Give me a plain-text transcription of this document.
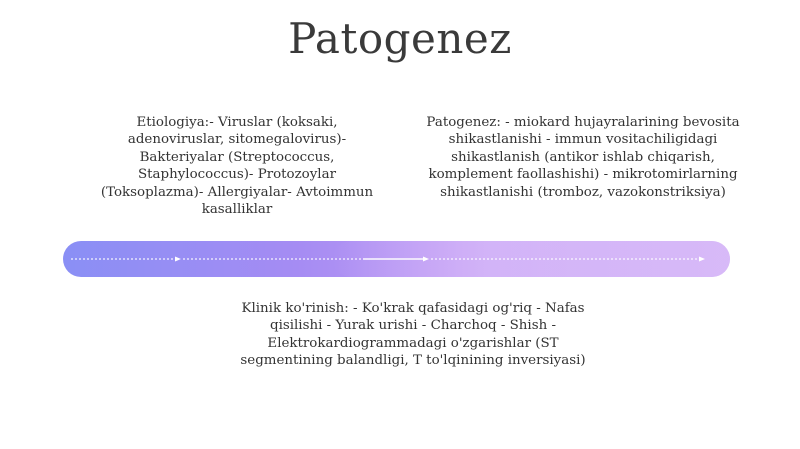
Patogenez

Etiologiya:- Viruslar (koksaki, adenoviruslar, sitomegalovirus)- Bakteriyalar (Streptococcus, Staphylococcus)- Protozoylar (Toksoplazma)- Allergiyalar- Avtoimmun kasalliklar

Patogenez: - miokard hujayralarining bevosita shikastlanishi - immun vositachiligidagi shikastlanish (antikor ishlab chiqarish, komplement faollashishi) - mikrotomirlarning shikastlanishi (tromboz, vazokonstriksiya)

Klinik ko'rinish: - Ko'krak qafasidagi og'riq - Nafas qisilishi - Yurak urishi - Charchoq - Shish - Elektrokardiogrammadagi o'zgarishlar (ST segmentining balandligi, T to'lqinining inversiyasi)
